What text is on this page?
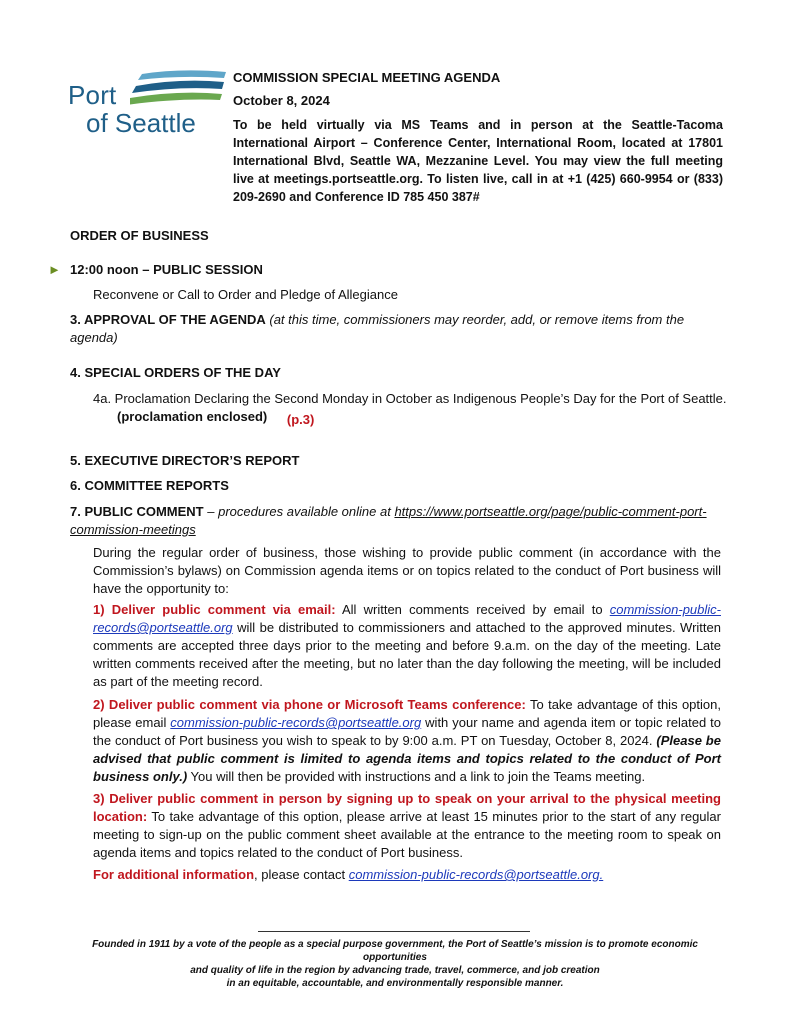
Port
of Seattle
COMMISSION SPECIAL MEETING AGENDA
October 8, 2024
To be held virtually via MS Teams and in person at the Seattle-Tacoma International Airport – Conference Center, International Room, located at 17801 International Blvd, Seattle WA, Mezzanine Level. You may view the full meeting live at meetings.portseattle.org. To listen live, call in at +1 (425) 660-9954 or (833) 209-2690 and Conference ID 785 450 387#
ORDER OF BUSINESS
► 12:00 noon – PUBLIC SESSION
Reconvene or Call to Order and Pledge of Allegiance
3. APPROVAL OF THE AGENDA (at this time, commissioners may reorder, add, or remove items from the agenda)
4. SPECIAL ORDERS OF THE DAY
4a. Proclamation Declaring the Second Monday in October as Indigenous People’s Day for the Port of Seattle.
(proclamation enclosed) (p.3)
5. EXECUTIVE DIRECTOR’S REPORT
6. COMMITTEE REPORTS
7. PUBLIC COMMENT – procedures available online at https://www.portseattle.org/page/public-comment-port-commission-meetings
During the regular order of business, those wishing to provide public comment (in accordance with the Commission’s bylaws) on Commission agenda items or on topics related to the conduct of Port business will have the opportunity to:
1) Deliver public comment via email: All written comments received by email to commission-public-records@portseattle.org will be distributed to commissioners and attached to the approved minutes. Written comments are accepted three days prior to the meeting and before 9.a.m. on the day of the meeting. Late written comments received after the meeting, but no later than the day following the meeting, will be included as part of the meeting record.
2) Deliver public comment via phone or Microsoft Teams conference: To take advantage of this option, please email commission-public-records@portseattle.org with your name and agenda item or topic related to the conduct of Port business you wish to speak to by 9:00 a.m. PT on Tuesday, October 8, 2024. (Please be advised that public comment is limited to agenda items and topics related to the conduct of Port business only.) You will then be provided with instructions and a link to join the Teams meeting.
3) Deliver public comment in person by signing up to speak on your arrival to the physical meeting location: To take advantage of this option, please arrive at least 15 minutes prior to the start of any regular meeting to sign-up on the public comment sheet available at the entrance to the meeting room to speak on agenda items and topics related to the conduct of Port business.
For additional information, please contact commission-public-records@portseattle.org.
Founded in 1911 by a vote of the people as a special purpose government, the Port of Seattle’s mission is to promote economic opportunities
and quality of life in the region by advancing trade, travel, commerce, and job creation
in an equitable, accountable, and environmentally responsible manner.
